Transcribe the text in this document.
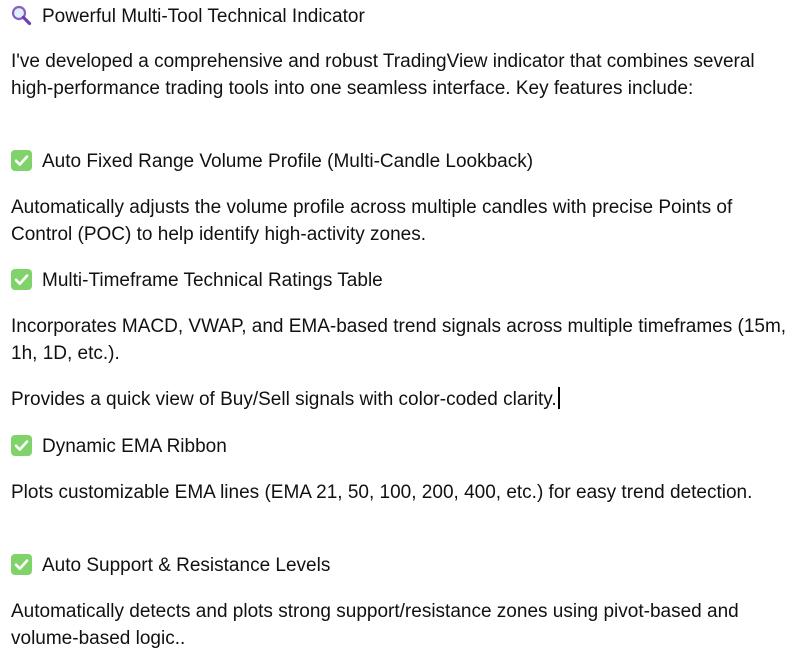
Powerful Multi-Tool Technical Indicator
I've developed a comprehensive and robust TradingView indicator that combines several high-performance trading tools into one seamless interface. Key features include:
Auto Fixed Range Volume Profile (Multi-Candle Lookback)
Automatically adjusts the volume profile across multiple candles with precise Points of Control (POC) to help identify high-activity zones.
Multi-Timeframe Technical Ratings Table
Incorporates MACD, VWAP, and EMA-based trend signals across multiple timeframes (15m, 1h, 1D, etc.).
Provides a quick view of Buy/Sell signals with color-coded clarity.
Dynamic EMA Ribbon
Plots customizable EMA lines (EMA 21, 50, 100, 200, 400, etc.) for easy trend detection.
Auto Support & Resistance Levels
Automatically detects and plots strong support/resistance zones using pivot-based and volume-based logic..
